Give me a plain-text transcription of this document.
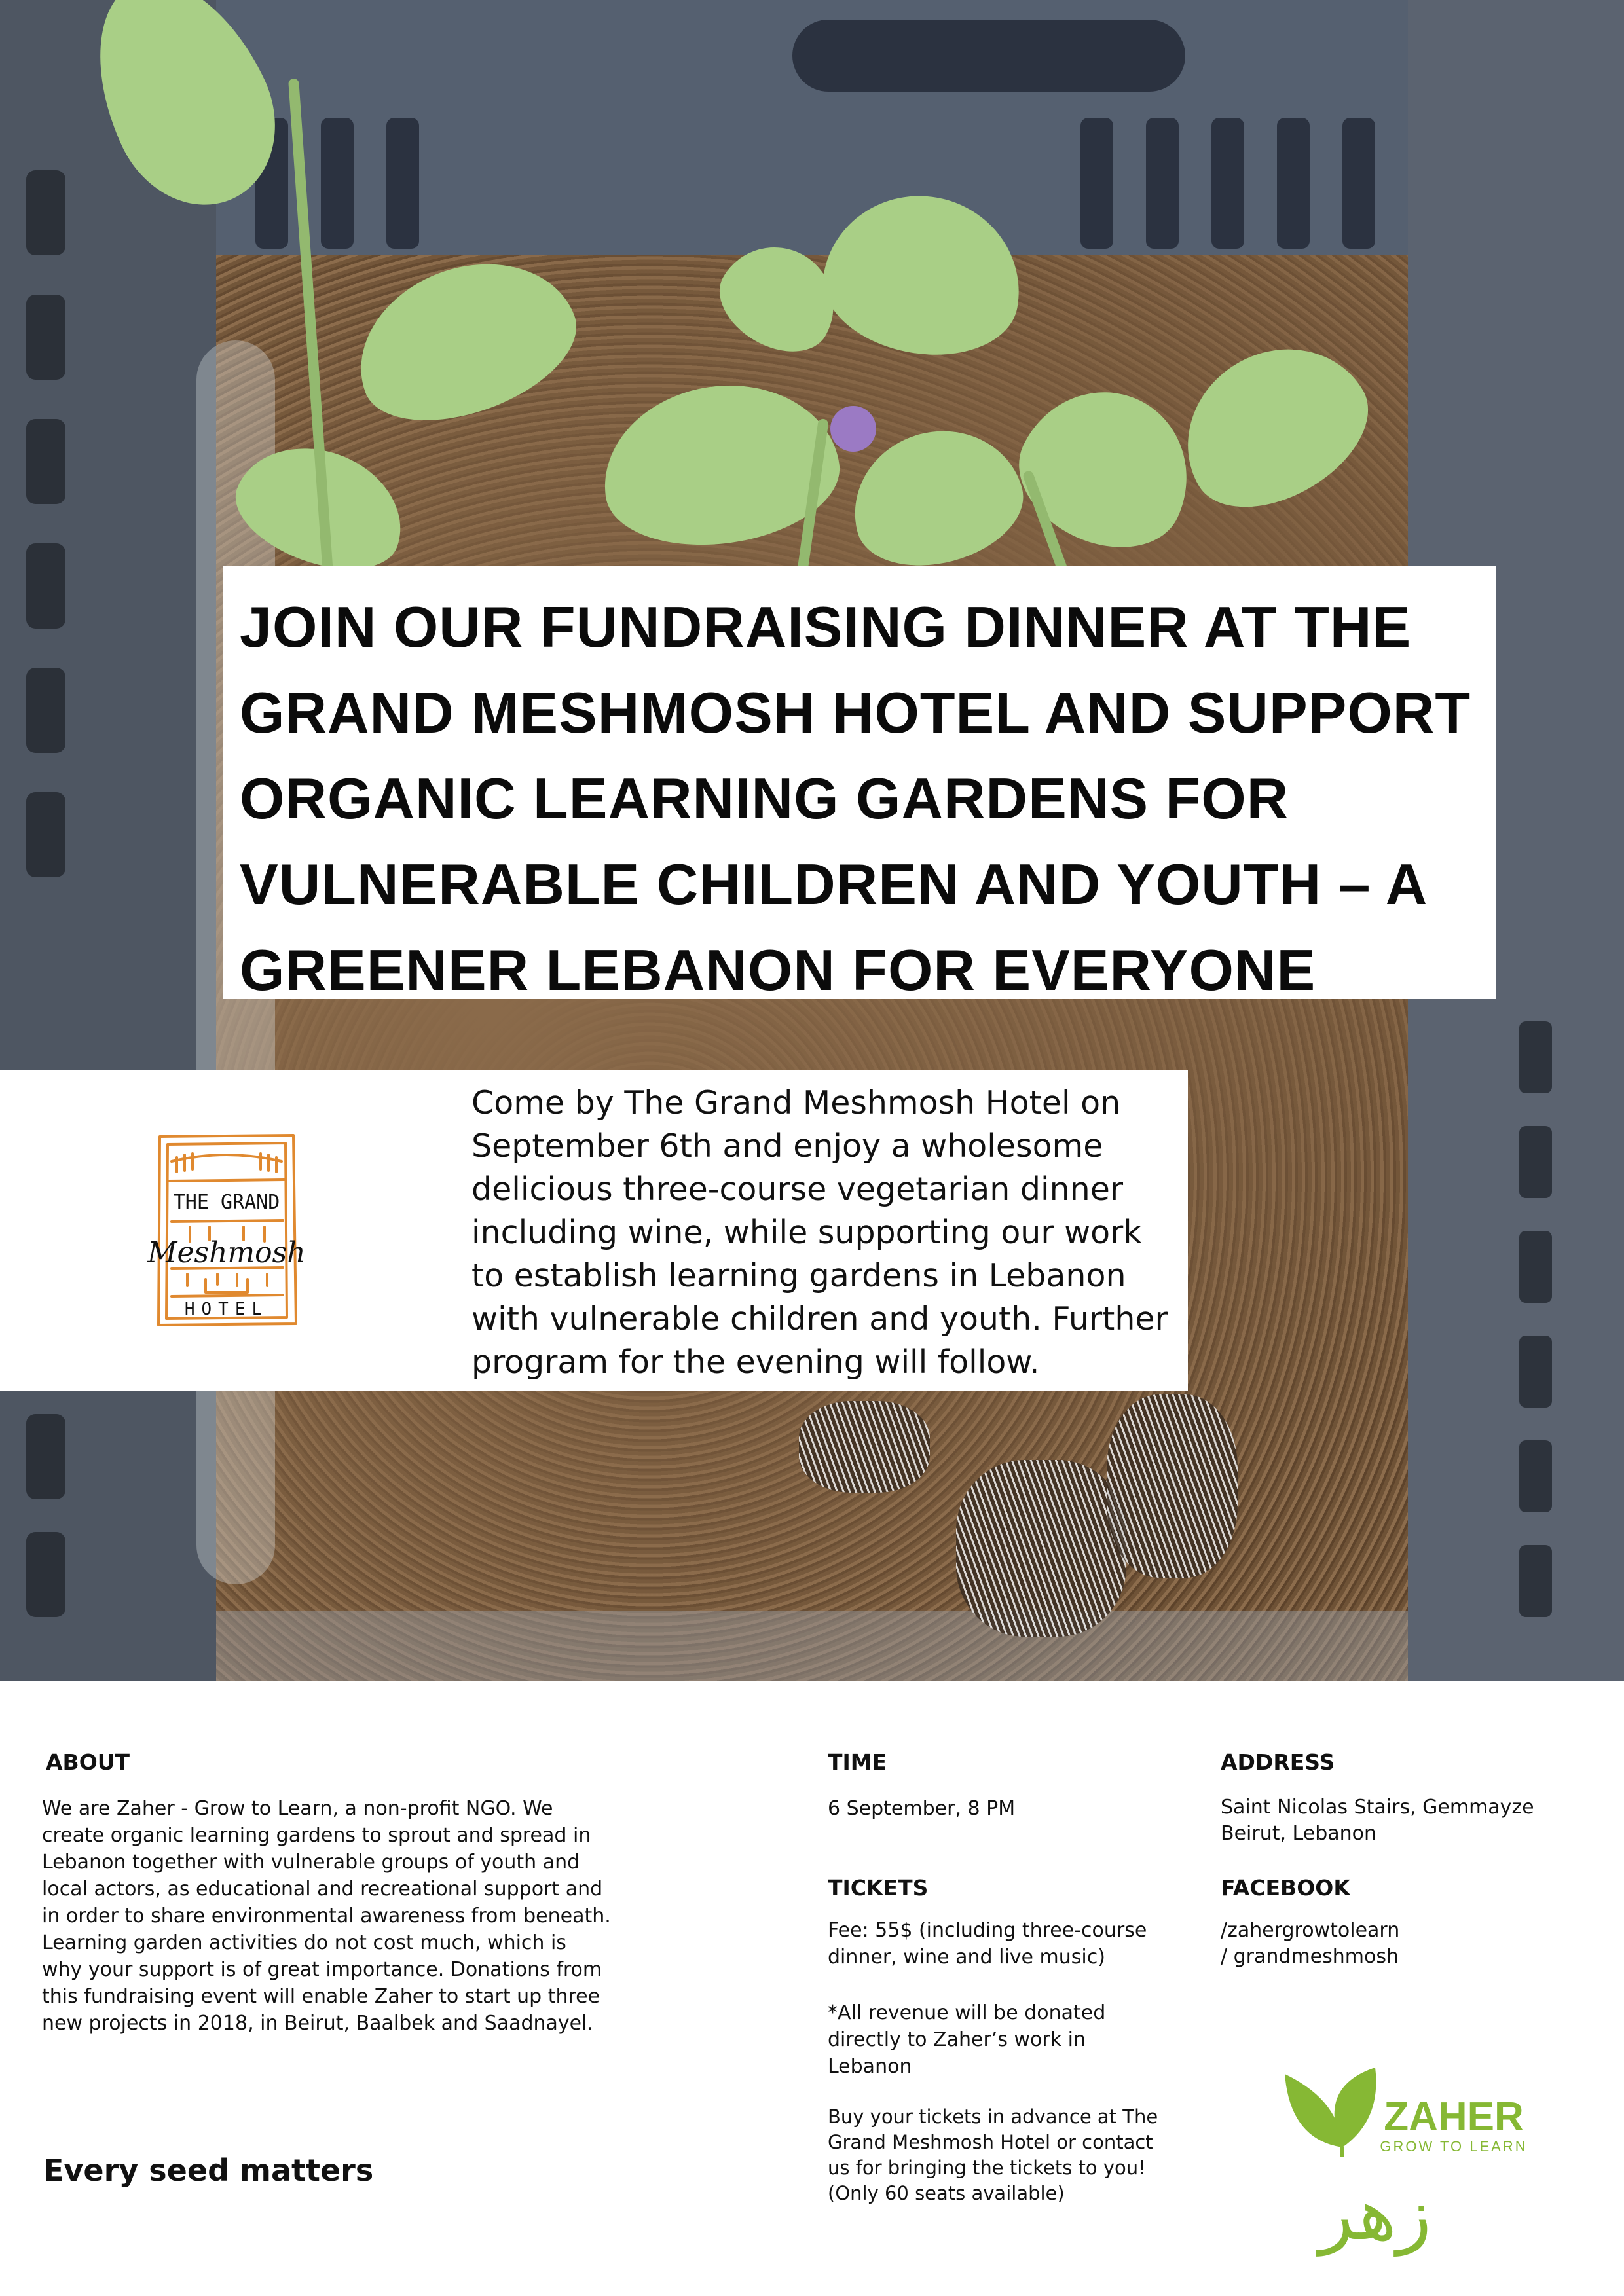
JOIN OUR FUNDRAISING DINNER AT THE GRAND MESHMOSH HOTEL AND SUPPORT ORGANIC LEARNING GARDENS FOR VULNERABLE CHILDREN AND YOUTH – A GREENER LEBANON FOR EVERYONE
THE GRAND
Meshmosh
HOTEL

Come by The Grand Meshmosh Hotel on September 6th and enjoy a wholesome delicious three-course vegetarian dinner including wine, while supporting our work to establish learning gardens in Lebanon with vulnerable children and youth. Further program for the evening will follow.

ABOUT

We are Zaher - Grow to Learn, a non-profit NGO. We create organic learning gardens to sprout and spread in Lebanon together with vulnerable groups of youth and local actors, as educational and recreational support and in order to share environmental awareness from beneath. Learning garden activities do not cost much, which is why your support is of great importance. Donations from this fundraising event will enable Zaher to start up three new projects in 2018, in Beirut, Baalbek and Saadnayel.

Every seed matters

TIME

6 September, 8 PM

TICKETS

Fee: 55$ (including three-course dinner, wine and live music)

*All revenue will be donated directly to Zaher’s work in Lebanon

Buy your tickets in advance at The Grand Meshmosh Hotel or contact us for bringing the tickets to you! (Only 60 seats available)

ADDRESS

Saint Nicolas Stairs, Gemmayze

Beirut, Lebanon

FACEBOOK

/zahergrowtolearn

/ grandmeshmosh

ZAHER
GROW TO LEARN
زهر
